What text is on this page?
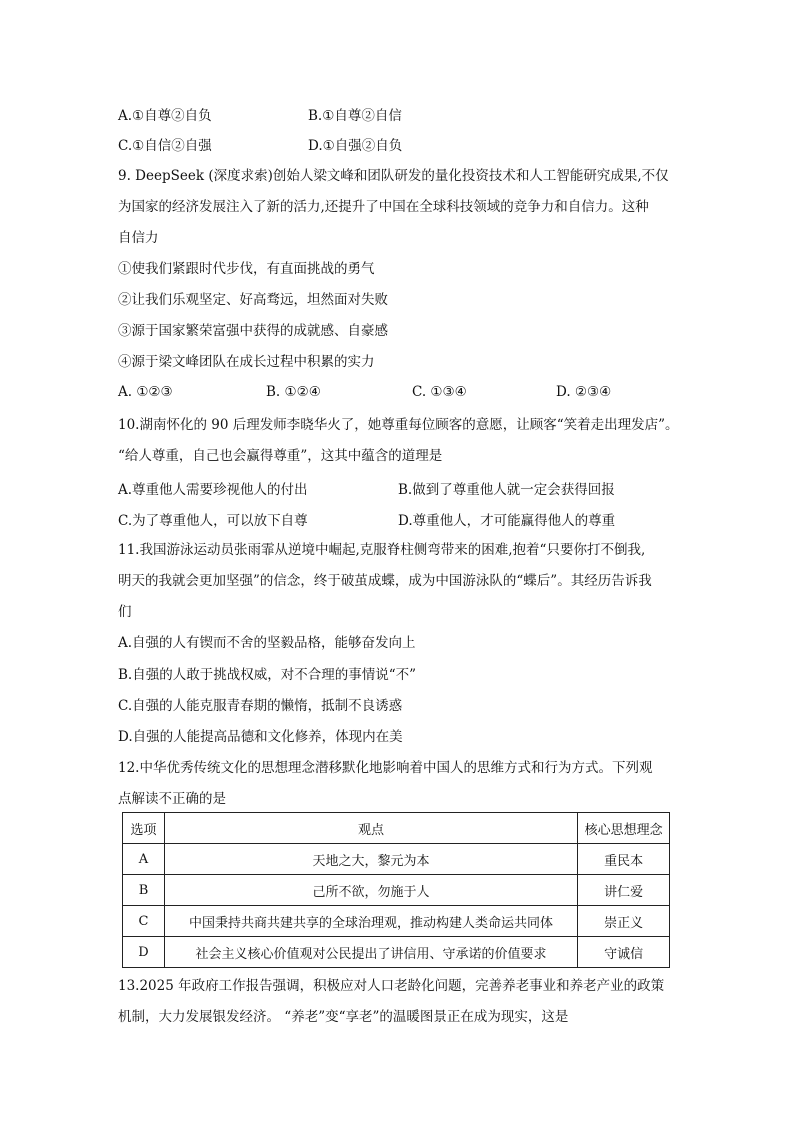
A.①自尊②自负	B.①自尊②自信
C.①自信②自强	D.①自强②自负
9. DeepSeek (深度求索)创始人梁文峰和团队研发的量化投资技术和人工智能研究成果,不仅
为国家的经济发展注入了新的活力,还提升了中国在全球科技领域的竞争力和自信力。这种
自信力
①使我们紧跟时代步伐，有直面挑战的勇气
②让我们乐观坚定、好高骛远，坦然面对失败
③源于国家繁荣富强中获得的成就感、自豪感
④源于梁文峰团队在成长过程中积累的实力
A. ①②③	B. ①②④	C. ①③④	D. ②③④
10.湖南怀化的 90 后理发师李晓华火了，她尊重每位顾客的意愿，让顾客“笑着走出理发店”。
“给人尊重，自己也会赢得尊重”，这其中蕴含的道理是
A.尊重他人需要珍视他人的付出	B.做到了尊重他人就一定会获得回报
C.为了尊重他人，可以放下自尊	D.尊重他人，才可能赢得他人的尊重
11.我国游泳运动员张雨霏从逆境中崛起,克服脊柱侧弯带来的困难,抱着“只要你打不倒我,
明天的我就会更加坚强”的信念，终于破茧成蝶，成为中国游泳队的“蝶后”。其经历告诉我
们
A.自强的人有锲而不舍的坚毅品格，能够奋发向上
B.自强的人敢于挑战权威，对不合理的事情说“不”
C.自强的人能克服青春期的懒惰，抵制不良诱惑
D.自强的人能提高品德和文化修养，体现内在美
12.中华优秀传统文化的思想理念潜移默化地影响着中国人的思维方式和行为方式。下列观
点解读不正确的是
选项	观点	核心思想理念
A	天地之大，黎元为本	重民本
B	己所不欲，勿施于人	讲仁爱
C	中国秉持共商共建共享的全球治理观，推动构建人类命运共同体	崇正义
D	社会主义核心价值观对公民提出了讲信用、守承诺的价值要求	守诚信
13.2025 年政府工作报告强调，积极应对人口老龄化问题，完善养老事业和养老产业的政策
机制，大力发展银发经济。 “养老”变“享老”的温暖图景正在成为现实，这是
